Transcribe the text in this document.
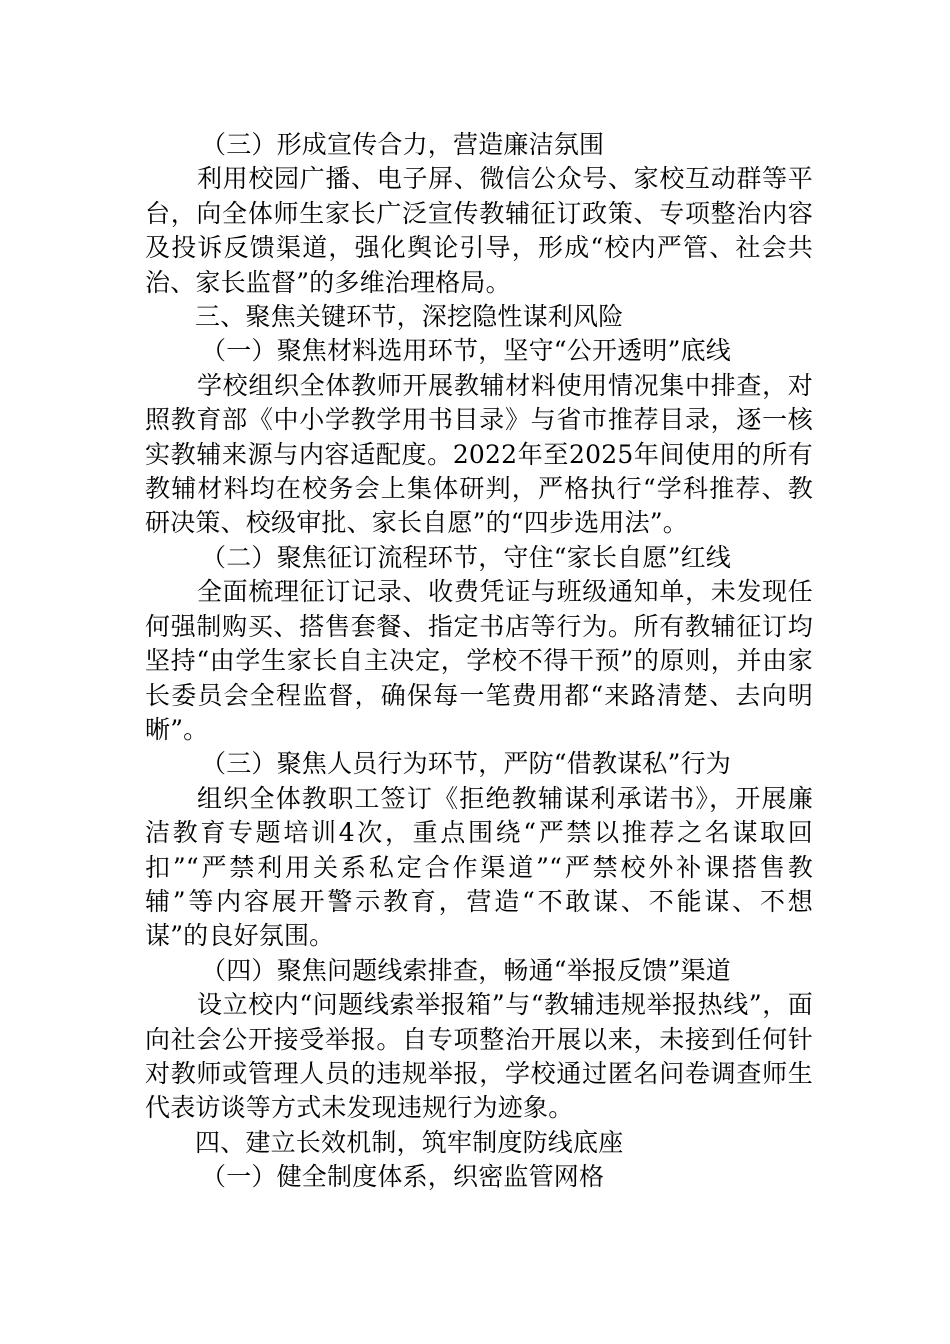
（三）形成宣传合力，营造廉洁氛围

利用校园广播、电子屏、微信公众号、家校互动群等平台，向全体师生家长广泛宣传教辅征订政策、专项整治内容及投诉反馈渠道，强化舆论引导，形成“校内严管、社会共治、家长监督”的多维治理格局。

三、聚焦关键环节，深挖隐性谋利风险

（一）聚焦材料选用环节，坚守“公开透明”底线

学校组织全体教师开展教辅材料使用情况集中排查，对照教育部《中小学教学用书目录》与省市推荐目录，逐一核实教辅来源与内容适配度。2022年至2025年间使用的所有教辅材料均在校务会上集体研判，严格执行“学科推荐、教研决策、校级审批、家长自愿”的“四步选用法”。

（二）聚焦征订流程环节，守住“家长自愿”红线

全面梳理征订记录、收费凭证与班级通知单，未发现任何强制购买、搭售套餐、指定书店等行为。所有教辅征订均坚持“由学生家长自主决定，学校不得干预”的原则，并由家长委员会全程监督，确保每一笔费用都“来路清楚、去向明晰”。

（三）聚焦人员行为环节，严防“借教谋私”行为

组织全体教职工签订《拒绝教辅谋利承诺书》，开展廉洁教育专题培训4次，重点围绕“严禁以推荐之名谋取回扣”“严禁利用关系私定合作渠道”“严禁校外补课搭售教辅”等内容展开警示教育，营造“不敢谋、不能谋、不想谋”的良好氛围。

（四）聚焦问题线索排查，畅通“举报反馈”渠道

设立校内“问题线索举报箱”与“教辅违规举报热线”，面向社会公开接受举报。自专项整治开展以来，未接到任何针对教师或管理人员的违规举报，学校通过匿名问卷调查师生代表访谈等方式未发现违规行为迹象。

四、建立长效机制，筑牢制度防线底座

（一）健全制度体系，织密监管网格
